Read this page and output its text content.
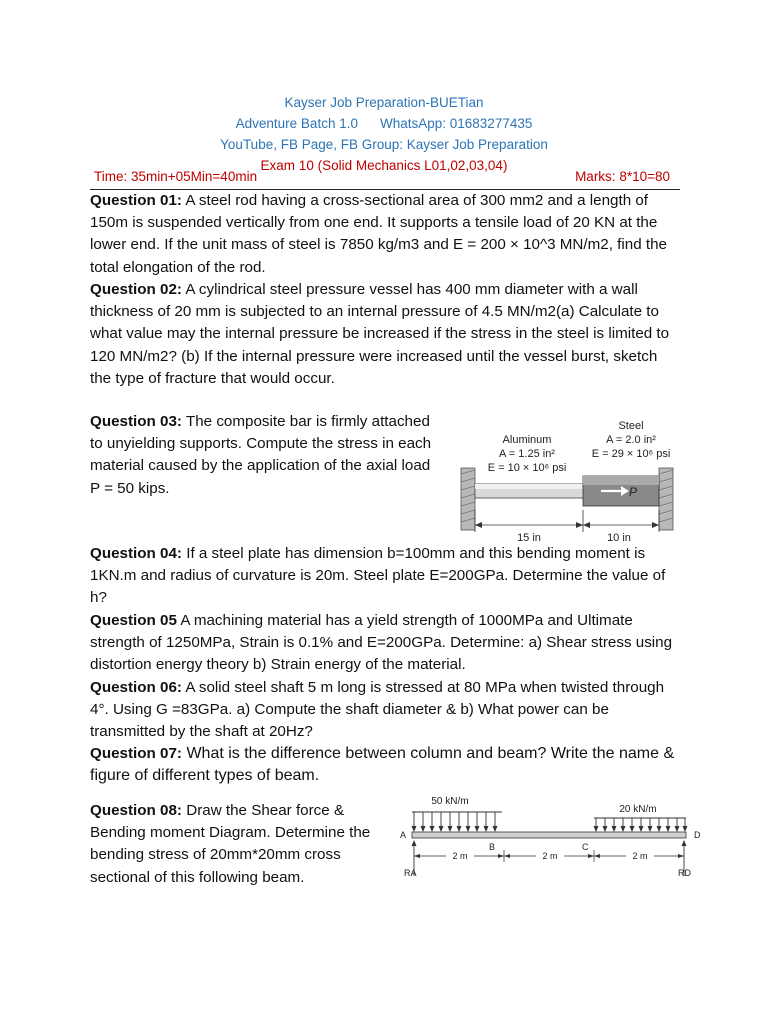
Kayser Job Preparation-BUETian
Adventure Batch 1.0 WhatsApp: 01683277435
YouTube, FB Page, FB Group: Kayser Job Preparation
Exam 10 (Solid Mechanics L01,02,03,04)
Time: 35min+05Min=40min	Marks: 8*10=80
Question 01: A steel rod having a cross-sectional area of 300 mm2 and a length of 150m is suspended vertically from one end. It supports a tensile load of 20 KN at the lower end. If the unit mass of steel is 7850 kg/m3 and E = 200 × 10^3 MN/m2, find the total elongation of the rod.
Question 02: A cylindrical steel pressure vessel has 400 mm diameter with a wall thickness of 20 mm is subjected to an internal pressure of 4.5 MN/m2(a) Calculate to what value may the internal pressure be increased if the stress in the steel is limited to 120 MN/m2? (b) If the internal pressure were increased until the vessel burst, sketch the type of fracture that would occur.
Question 03: The composite bar is firmly attached to unyielding supports. Compute the stress in each material caused by the application of the axial load P = 50 kips.	P
Aluminum
A = 1.25 in²
E = 10 × 10⁶ psi
Steel
A = 2.0 in²
E = 29 × 10⁶ psi
15 in	10 in
Question 04: If a steel plate has dimension b=100mm and this bending moment is 1KN.m and radius of curvature is 20m. Steel plate E=200GPa. Determine the value of h?
Question 05 A machining material has a yield strength of 1000MPa and Ultimate strength of 1250MPa, Strain is 0.1% and E=200GPa. Determine: a) Shear stress using distortion energy theory b) Strain energy of the material.
Question 06: A solid steel shaft 5 m long is stressed at 80 MPa when twisted through 4°. Using G =83GPa. a) Compute the shaft diameter & b) What power can be transmitted by the shaft at 20Hz?
Question 07: What is the difference between column and beam? Write the name & figure of different types of beam.
Question 08: Draw the Shear force & Bending moment Diagram. Determine the bending stress of 20mm*20mm cross sectional of this following beam.
50 kN/m
20 kN/m
A
B	C
D
RA	RD
2 m	2 m	2 m
